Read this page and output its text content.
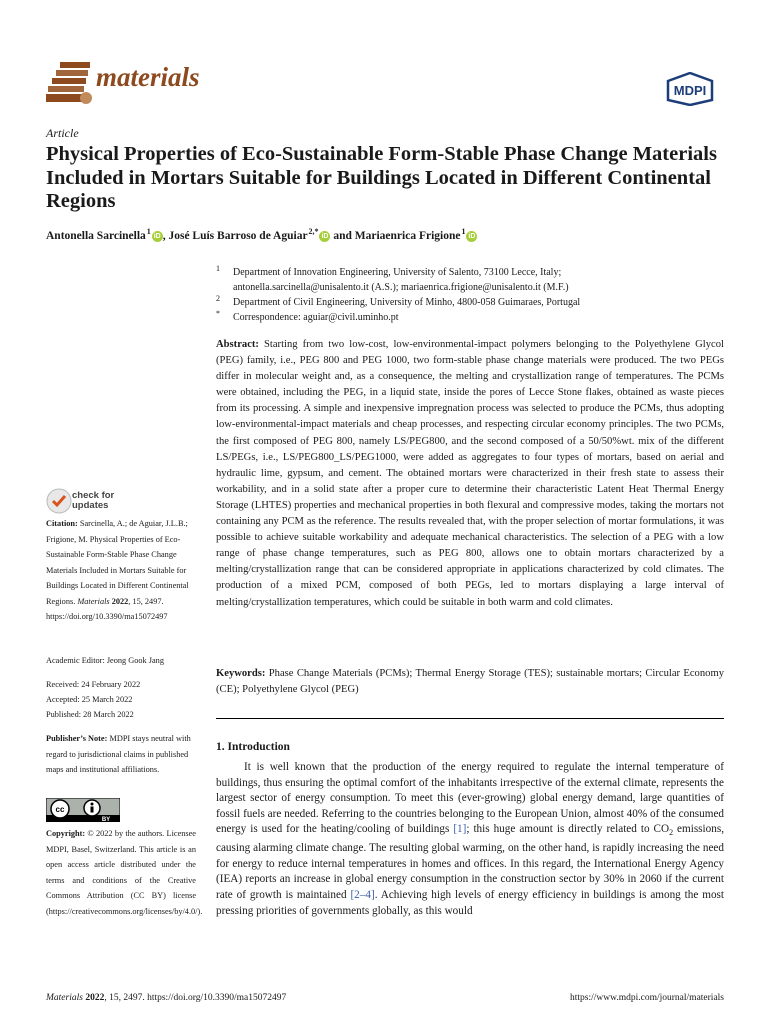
materials	MDPI
Article
Physical Properties of Eco-Sustainable Form-Stable Phase Change Materials Included in Mortars Suitable for Buildings Located in Different Continental Regions
Antonella Sarcinella $^1$ iD , José Luís Barroso de Aguiar $^{2,*}$ iD and Mariaenrica Frigione $^1$ iD
1 Department of Innovation Engineering, University of Salento, 73100 Lecce, Italy;
antonella.sarcinella@unisalento.it (A.S.); mariaenrica.frigione@unisalento.it (M.F.)
2 Department of Civil Engineering, University of Minho, 4800-058 Guimaraes, Portugal
* Correspondence: aguiar@civil.uminho.pt
Abstract: Starting from two low-cost, low-environmental-impact polymers belonging to the Polyethylene Glycol (PEG) family, i.e., PEG 800 and PEG 1000, two form-stable phase change materials were produced. The two PEGs differ in molecular weight and, as a consequence, the melting and crystallization range of temperatures. The PCMs were obtained, including the PEG, in a liquid state, inside the pores of Lecce Stone flakes, obtained as waste pieces from its processing. A simple and inexpensive impregnation process was selected to produce the PCMs, thus adopting low-environmental-impact materials and cheap processes, and respecting circular economy principles. The two PCMs, the first composed of PEG 800, namely LS/PEG800, and the second composed of a 50/50%wt. mix of the different LS/PEGs, i.e., LS/PEG800_LS/PEG1000, were added as aggregates to four types of mortars, based on aerial and hydraulic lime, gypsum, and cement. The obtained mortars were characterized in their fresh state to assess their workability, and in a solid state after a proper cure to determine their characteristic Latent Heat Thermal Energy Storage (LHTES) properties and mechanical properties in both flexural and compressive modes, taking the mortars not containing any PCM as the reference. The results revealed that, with the proper selection of mortar formulations, it was possible to achieve suitable workability and adequate mechanical characteristics. The selection of a PEG with a low range of phase change temperatures, such as PEG 800, allows one to obtain mortars characterized by a melting/crystallization range that can be considered appropriate in applications characterized by cold climates. The production of a mixed PCM, composed of both PEGs, led to mortars displaying a large interval of melting/crystallization temperatures, which could be suitable in both warm and cold climates.
Keywords: Phase Change Materials (PCMs); Thermal Energy Storage (TES); sustainable mortars; Circular Economy (CE); Polyethylene Glycol (PEG)
1. Introduction
It is well known that the production of the energy required to regulate the internal temperature of buildings, thus ensuring the optimal comfort of the inhabitants irrespective of the external climate, represents the largest sector of energy consumption. To meet this (ever-growing) global energy demand, large quantities of fossil fuels are needed. Referring to the countries belonging to the European Union, almost 40% of the consumed energy is used for the heating/cooling of buildings [1]; this huge amount is directly related to $CO_2$ emissions, causing alarming climate change. The resulting global warming, on the other hand, is rapidly increasing the need for energy to reduce internal temperatures in homes and offices. In this regard, the International Energy Agency (IEA) reports an increase in global energy consumption in the construction sector by 30% in 2060 if the current rate of growth is maintained [2–4]. Achieving high levels of energy efficiency in buildings is among the most pressing priorities of governments globally, as this would
check for
updates
Citation: Sarcinella, A.; de Aguiar, J.L.B.; Frigione, M. Physical Properties of Eco-Sustainable Form-Stable Phase Change Materials Included in Mortars Suitable for Buildings Located in Different Continental Regions. Materials 2022, 15, 2497. https://doi.org/10.3390/ma15072497
Academic Editor: Jeong Gook Jang
Received: 24 February 2022
Accepted: 25 March 2022
Published: 28 March 2022
Publisher’s Note: MDPI stays neutral with regard to jurisdictional claims in published maps and institutional affiliations.
cc
BY
Copyright: © 2022 by the authors. Licensee MDPI, Basel, Switzerland. This article is an open access article distributed under the terms and conditions of the Creative Commons Attribution (CC BY) license (https://creativecommons.org/licenses/by/4.0/).
Materials 2022, 15, 2497. https://doi.org/10.3390/ma15072497	https://www.mdpi.com/journal/materials
